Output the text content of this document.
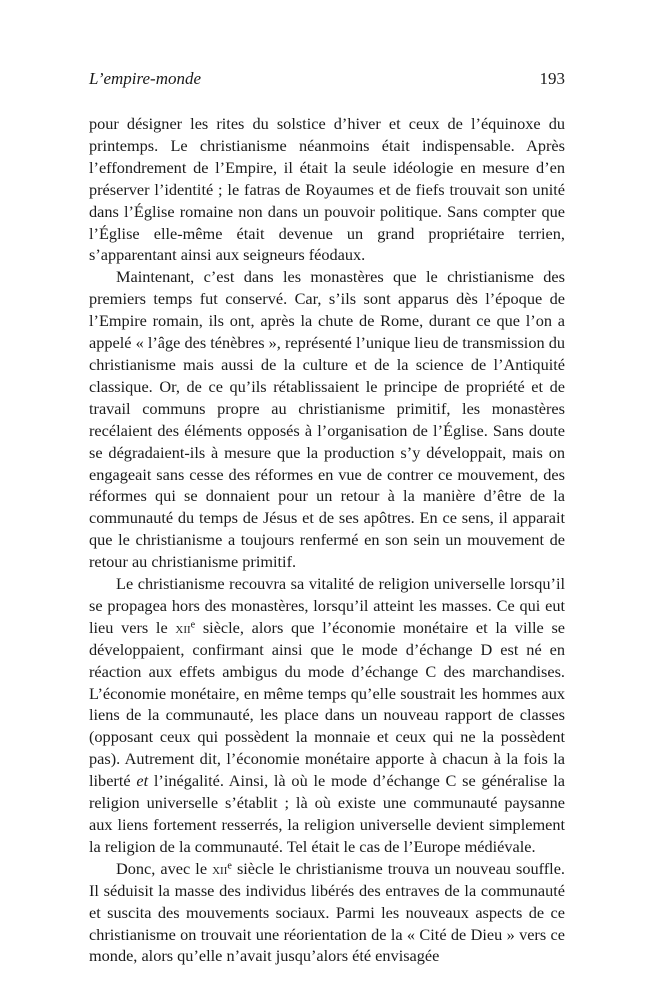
L’empire-monde	193

pour désigner les rites du solstice d’hiver et ceux de l’équinoxe du printemps. Le christianisme néanmoins était indispensable. Après l’effondrement de l’Empire, il était la seule idéologie en mesure d’en préserver l’identité ; le fatras de Royaumes et de fiefs trouvait son unité dans l’Église romaine non dans un pouvoir politique. Sans compter que l’Église elle-même était devenue un grand propriétaire terrien, s’apparentant ainsi aux seigneurs féodaux.

Maintenant, c’est dans les monastères que le christianisme des premiers temps fut conservé. Car, s’ils sont apparus dès l’époque de l’Empire romain, ils ont, après la chute de Rome, durant ce que l’on a appelé « l’âge des ténèbres », représenté l’unique lieu de transmission du christianisme mais aussi de la culture et de la science de l’Antiquité classique. Or, de ce qu’ils rétablissaient le principe de propriété et de travail communs propre au christianisme primitif, les monastères recélaient des éléments opposés à l’organisation de l’Église. Sans doute se dégradaient-ils à mesure que la production s’y développait, mais on engageait sans cesse des réformes en vue de contrer ce mouvement, des réformes qui se donnaient pour un retour à la manière d’être de la communauté du temps de Jésus et de ses apôtres. En ce sens, il apparait que le christianisme a toujours renfermé en son sein un mouvement de retour au christianisme primitif.

Le christianisme recouvra sa vitalité de religion universelle lorsqu’il se propagea hors des monastères, lorsqu’il atteint les masses. Ce qui eut lieu vers le xii$^e$ siècle, alors que l’économie monétaire et la ville se développaient, confirmant ainsi que le mode d’échange D est né en réaction aux effets ambigus du mode d’échange C des marchandises. L’économie monétaire, en même temps qu’elle soustrait les hommes aux liens de la communauté, les place dans un nouveau rapport de classes (opposant ceux qui possèdent la monnaie et ceux qui ne la possèdent pas). Autrement dit, l’économie monétaire apporte à chacun à la fois la liberté et l’inégalité. Ainsi, là où le mode d’échange C se généralise la religion universelle s’établit ; là où existe une communauté paysanne aux liens fortement resserrés, la religion universelle devient simplement la religion de la communauté. Tel était le cas de l’Europe médiévale.

Donc, avec le xii$^e$ siècle le christianisme trouva un nouveau souffle. Il séduisit la masse des individus libérés des entraves de la communauté et suscita des mouvements sociaux. Parmi les nouveaux aspects de ce christianisme on trouvait une réorientation de la « Cité de Dieu » vers ce monde, alors qu’elle n’avait jusqu’alors été envisagée
